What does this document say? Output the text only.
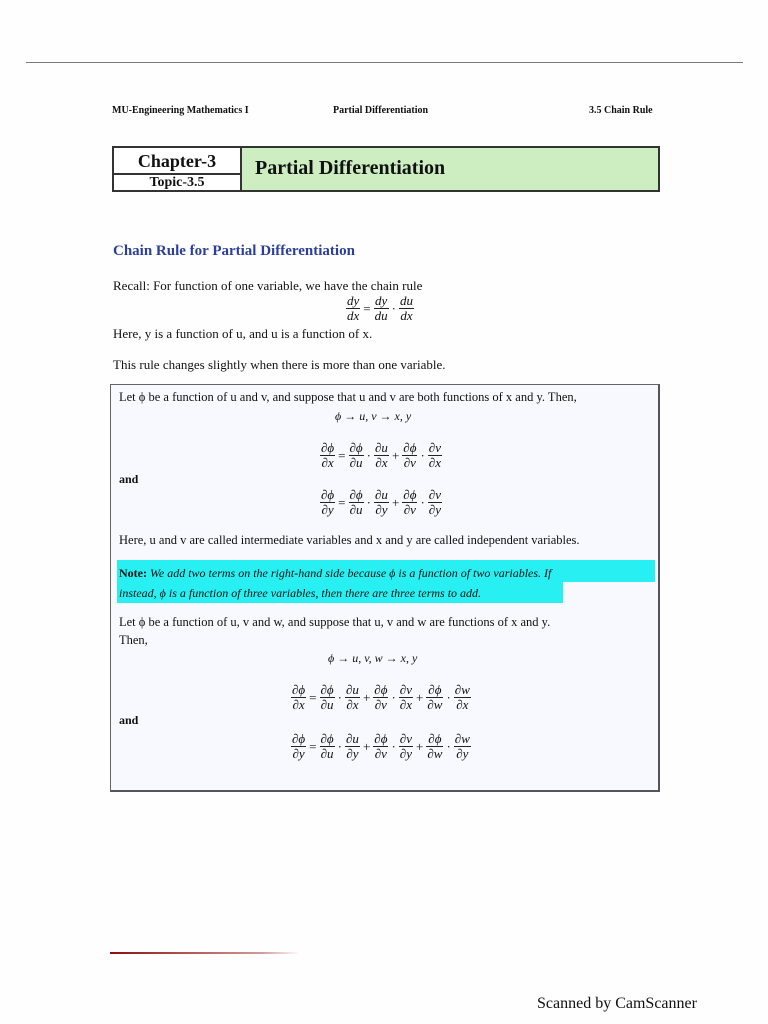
MU-Engineering Mathematics I	Partial Differentiation	3.5 Chain Rule
Chapter-3
Topic-3.5
Partial Differentiation
Chain Rule for Partial Differentiation
Recall: For function of one variable, we have the chain rule
$\frac{dy}{dx} = \frac{dy}{du} \cdot \frac{du}{dx}$
Here, y is a function of u, and u is a function of x.
This rule changes slightly when there is more than one variable.
Let ϕ be a function of u and v, and suppose that u and v are both functions of x and y. Then,
ϕ → u, v → x, y
$\frac{\partial\phi}{\partial x} = \frac{\partial\phi}{\partial u} \cdot \frac{\partial u}{\partial x} + \frac{\partial\phi}{\partial v} \cdot \frac{\partial v}{\partial x}$
and
$\frac{\partial\phi}{\partial y} = \frac{\partial\phi}{\partial u} \cdot \frac{\partial u}{\partial y} + \frac{\partial\phi}{\partial v} \cdot \frac{\partial v}{\partial y}$
Here, u and v are called intermediate variables and x and y are called independent variables.
Note: We add two terms on the right-hand side because ϕ is a function of two variables. If
instead, ϕ is a function of three variables, then there are three terms to add.
Let ϕ be a function of u, v and w, and suppose that u, v and w are functions of x and y.
Then,
ϕ → u, v, w → x, y
$\frac{\partial\phi}{\partial x} = \frac{\partial\phi}{\partial u} \cdot \frac{\partial u}{\partial x} + \frac{\partial\phi}{\partial v} \cdot \frac{\partial v}{\partial x} + \frac{\partial\phi}{\partial w} \cdot \frac{\partial w}{\partial x}$
and
$\frac{\partial\phi}{\partial y} = \frac{\partial\phi}{\partial u} \cdot \frac{\partial u}{\partial y} + \frac{\partial\phi}{\partial v} \cdot \frac{\partial v}{\partial y} + \frac{\partial\phi}{\partial w} \cdot \frac{\partial w}{\partial y}$
Scanned by CamScanner
